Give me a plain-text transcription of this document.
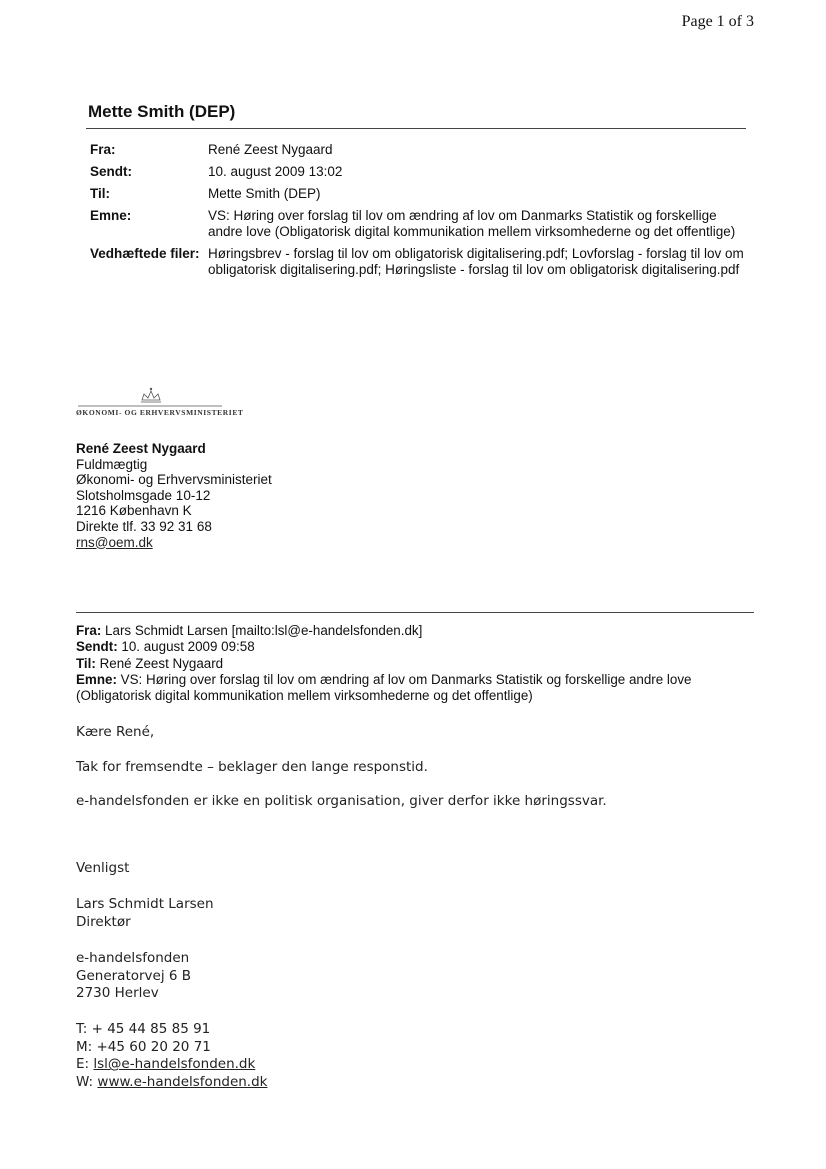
Page 1 of 3
Mette Smith (DEP)
Fra:	René Zeest Nygaard
Sendt:	10. august 2009 13:02
Til:	Mette Smith (DEP)
Emne:	VS: Høring over forslag til lov om ændring af lov om Danmarks Statistik og forskellige andre love (Obligatorisk digital kommunikation mellem virksomhederne og det offentlige)
Vedhæftede filer: Høringsbrev - forslag til lov om obligatorisk digitalisering.pdf; Lovforslag - forslag til lov om obligatorisk digitalisering.pdf; Høringsliste - forslag til lov om obligatorisk digitalisering.pdf
ØKONOMI- OG ERHVERVSMINISTERIET
René Zeest Nygaard
Fuldmægtig
Økonomi- og Erhvervsministeriet
Slotsholmsgade 10-12
1216 København K
Direkte tlf. 33 92 31 68
rns@oem.dk
Fra: Lars Schmidt Larsen [mailto:lsl@e-handelsfonden.dk]
Sendt: 10. august 2009 09:58
Til: René Zeest Nygaard
Emne: VS: Høring over forslag til lov om ændring af lov om Danmarks Statistik og forskellige andre love (Obligatorisk digital kommunikation mellem virksomhederne og det offentlige)
Kære René,
Tak for fremsendte – beklager den lange responstid.
e-handelsfonden er ikke en politisk organisation, giver derfor ikke høringssvar.
Venligst
Lars Schmidt Larsen
Direktør
e-handelsfonden
Generatorvej 6 B
2730 Herlev
T: + 45 44 85 85 91
M: +45 60 20 20 71
E: lsl@e-handelsfonden.dk
W: www.e-handelsfonden.dk
